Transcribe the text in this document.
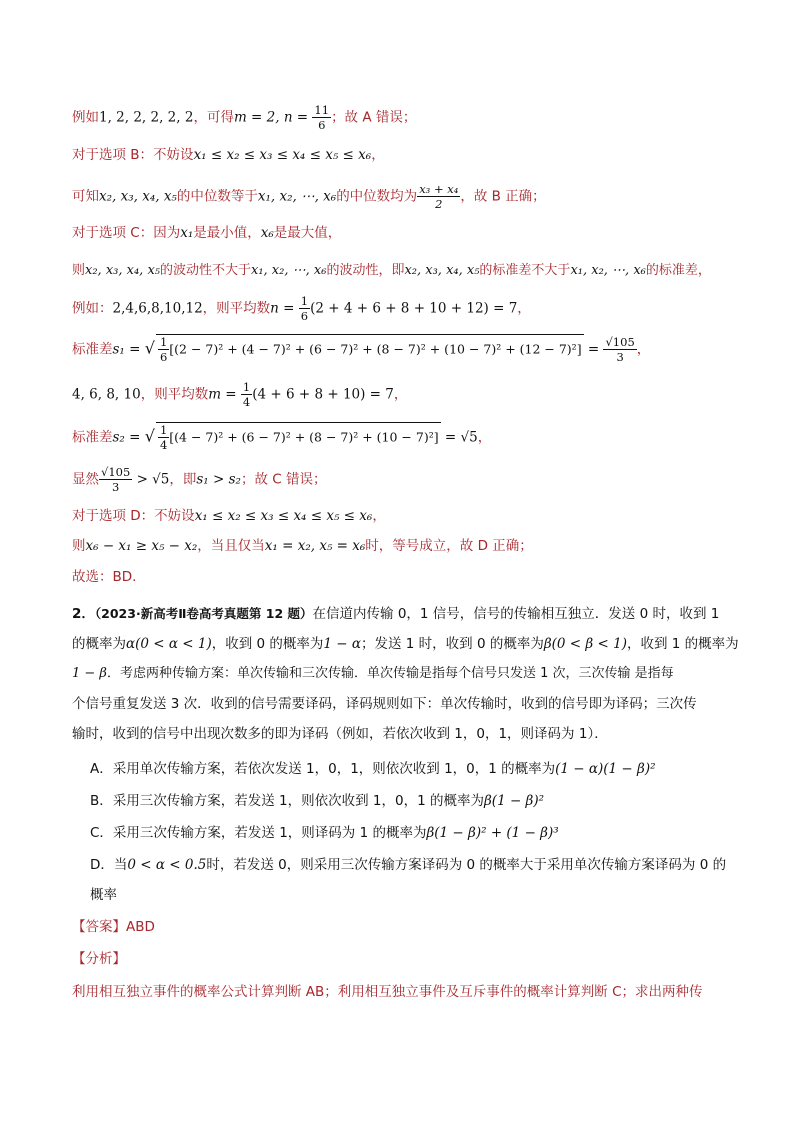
例如1, 2, 2, 2, 2, 2，可得m = 2, $n = \frac{11}{6}$ ；故 A 错误；
对于选项 B：不妨设x₁ ≤ x₂ ≤ x₃ ≤ x₄ ≤ x₅ ≤ x₆，
可知x₂, x₃, x₄, x₅的中位数等于x₁, x₂, ⋯, x₆的中位数均为 $\frac{\text{x₃ + x₄}}{2}$ ，故 B 正确；
对于选项 C：因为x₁是最小值，x₆是最大值，
则x₂, x₃, x₄, x₅的波动性不大于x₁, x₂, ⋯, x₆的波动性，即x₂, x₃, x₄, x₅的标准差不大于x₁, x₂, ⋯, x₆的标准差，
例如：2,4,6,8,10,12，则平均数$n = \frac{1}{6} (2 + 4 + 6 + 8 + 10 + 12) = 7$，
标准差s₁ = √ $\frac{1}{6} [(2 - 7)^2 + (4 - 7)^2 + (6 - 7)^2 + (8 - 7)^2 + (10 - 7)^2 + (12 - 7)^2] = \frac{√105}{3}$ ，
4, 6, 8, 10，则平均数$m = \frac{1}{4} (4 + 6 + 8 + 10) = 7$，
标准差s₂ = √ $\frac{1}{4} [(4 - 7)^2 + (6 - 7)^2 + (8 - 7)^2 + (10 - 7)^2] = √5$，
显然 $\frac{√105}{3} > √5$，即s₁ > s₂；故 C 错误；
对于选项 D：不妨设x₁ ≤ x₂ ≤ x₃ ≤ x₄ ≤ x₅ ≤ x₆，
则x₆ − x₁ ≥ x₅ − x₂，当且仅当x₁ = x₂, x₅ = x₆时，等号成立，故 D 正确；
故选：BD.
2．（2023·新高考Ⅱ卷高考真题第 12 题）在信道内传输 0，1 信号，信号的传输相互独立．发送 0 时，收到 1
的概率为α(0 < α < 1)，收到 0 的概率为1 − α；发送 1 时，收到 0 的概率为β(0 < β < 1)，收到 1 的概率为
1 − β．考虑两种传输方案：单次传输和三次传输．单次传输是指每个信号只发送 1 次，三次传输 是指每
个信号重复发送 3 次．收到的信号需要译码，译码规则如下：单次传输时，收到的信号即为译码；三次传
输时，收到的信号中出现次数多的即为译码（例如，若依次收到 1，0，1，则译码为 1）．
A．采用单次传输方案，若依次发送 1，0，1，则依次收到 1，0，1 的概率为(1 − α)(1 − β)²
B．采用三次传输方案，若发送 1，则依次收到 1，0，1 的概率为β(1 − β)²
C．采用三次传输方案，若发送 1，则译码为 1 的概率为β(1 − β)² + (1 − β)³
D．当0 < α < 0.5时，若发送 0，则采用三次传输方案译码为 0 的概率大于采用单次传输方案译码为 0 的
概率
【答案】ABD
【分析】
利用相互独立事件的概率公式计算判断 AB；利用相互独立事件及互斥事件的概率计算判断 C；求出两种传
